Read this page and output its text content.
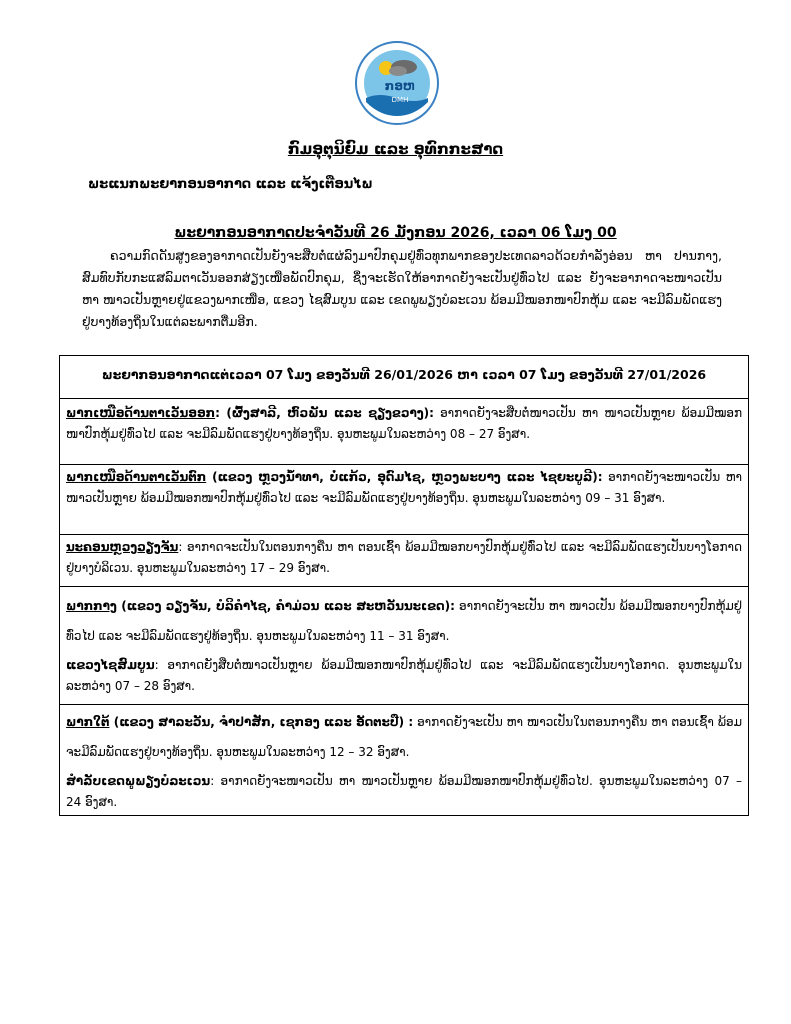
ກອຫ
DMH
ກົມອຸຕຸນິຍົມ ແລະ ອຸທົກກະສາດ
ພະແນກພະຍາກອນອາກາດ ແລະ ແຈ້ງເຕືອນໄພ
ພະຍາກອນອາກາດປະຈໍາວັນທີ 26 ມັງກອນ 2026, ເວລາ 06 ໂມງ 00
ຄວາມກົດດັນສູງຂອງອາກາດເປັນຍັງຈະສືບຕໍ່ແຜ່ລົງມາປົກຄຸມຢູ່ທົ່ວທຸກພາກຂອງປະເທດລາວດ້ວຍກໍາລັງອ່ອນ ຫາ ປານກາງ, ສົມທົບກັບກະແສລົມຕາເວັນອອກສ່ຽງເໜືອພັດປົກຄຸມ, ຊຶ່ງຈະເຮັດໃຫ້ອາກາດຍັງຈະເປັນຢູ່ທົ່ວໄປ ແລະ ຍັງຈະອາກາດຈະໜາວເປັນ ຫາ ໜາວເປັນຫຼາຍຢູ່ແຂວງພາກເໜືອ, ແຂວງ ໄຊສົມບູນ ແລະ ເຂດພູພຽງບໍລະເວນ ພ້ອມມີໝອກໜາປົກຫຸ້ມ ແລະ ຈະມີລົມພັດແຮງຢູ່ບາງທ້ອງຖິ່ນໃນແຕ່ລະພາກຕື່ມອີກ.
ພະຍາກອນອາກາດແຕ່ເວລາ 07 ໂມງ ຂອງວັນທີ 26/01/2026 ຫາ ເວລາ 07 ໂມງ ຂອງວັນທີ 27/01/2026

ພາກເໜືອດ້ານຕາເວັນອອກ: (ຜົ້ງສາລີ, ຫົວພັນ ແລະ ຊຽງຂວາງ): ອາກາດຍັງຈະສືບຕໍ່ໜາວເປັນ ຫາ ໜາວເປັນຫຼາຍ ພ້ອມມີໝອກໜາປົກຫຸ້ມຢູ່ທົ່ວໄປ ແລະ ຈະມີລົມພັດແຮງຢູ່ບາງທ້ອງຖິ່ນ. ອຸນຫະພູມໃນລະຫວ່າງ 08 – 27 ອົງສາ.

ພາກເໜືອດ້ານຕາເວັນຕົກ (ແຂວງ ຫຼວງນໍ້າທາ, ບໍ່ແກ້ວ, ອຸດົມໄຊ, ຫຼວງພະບາງ ແລະ ໄຊຍະບູລີ): ອາກາດຍັງຈະໜາວເປັນ ຫາ ໜາວເປັນຫຼາຍ ພ້ອມມີໝອກໜາປົກຫຸ້ມຢູ່ທົ່ວໄປ ແລະ ຈະມີລົມພັດແຮງຢູ່ບາງທ້ອງຖິ່ນ. ອຸນຫະພູມໃນລະຫວ່າງ 09 – 31 ອົງສາ.

ນະຄອນຫຼວງວຽງຈັນ: ອາກາດຈະເປັນໃນຕອນກາງຄືນ ຫາ ຕອນເຊົ້າ ພ້ອມມີໝອກບາງປົກຫຸ້ມຢູ່ທົ່ວໄປ ແລະ ຈະມີລົມພັດແຮງເປັນບາງໂອກາດຢູ່ບາງບໍລິເວນ. ອຸນຫະພູມໃນລະຫວ່າງ 17 – 29 ອົງສາ.

ພາກກາງ (ແຂວງ ວຽງຈັນ, ບໍລິຄໍາໄຊ, ຄໍາມ່ວນ ແລະ ສະຫວັນນະເຂດ): ອາກາດຍັງຈະເປັນ ຫາ ໜາວເປັນ ພ້ອມມີໝອກບາງປົກຫຸ້ມຢູ່ທົ່ວໄປ ແລະ ຈະມີລົມພັດແຮງຢູ່ທ້ອງຖິ່ນ. ອຸນຫະພູມໃນລະຫວ່າງ 11 – 31 ອົງສາ.

ແຂວງໄຊສົມບູນ: ອາກາດຍັງສືບຕໍ່ໜາວເປັນຫຼາຍ ພ້ອມມີໝອກໜາປົກຫຸ້ມຢູ່ທົ່ວໄປ ແລະ ຈະມີລົມພັດແຮງເປັນບາງໂອກາດ. ອຸນຫະພູມໃນລະຫວ່າງ 07 – 28 ອົງສາ.

ພາກໃຕ້ (ແຂວງ ສາລະວັນ, ຈໍາປາສັກ, ເຊກອງ ແລະ ອັດຕະປື) : ອາກາດຍັງຈະເປັນ ຫາ ໜາວເປັນໃນຕອນກາງຄືນ ຫາ ຕອນເຊົ້າ ພ້ອມຈະມີລົມພັດແຮງຢູ່ບາງທ້ອງຖິ່ນ. ອຸນຫະພູມໃນລະຫວ່າງ 12 – 32 ອົງສາ.

ສໍາລັບເຂດພູພຽງບໍລະເວນ: ອາກາດຍັງຈະໜາວເປັນ ຫາ ໜາວເປັນຫຼາຍ ພ້ອມມີໝອກໜາປົກຫຸ້ມຢູ່ທົ່ວໄປ. ອຸນຫະພູມໃນລະຫວ່າງ 07 – 24 ອົງສາ.
